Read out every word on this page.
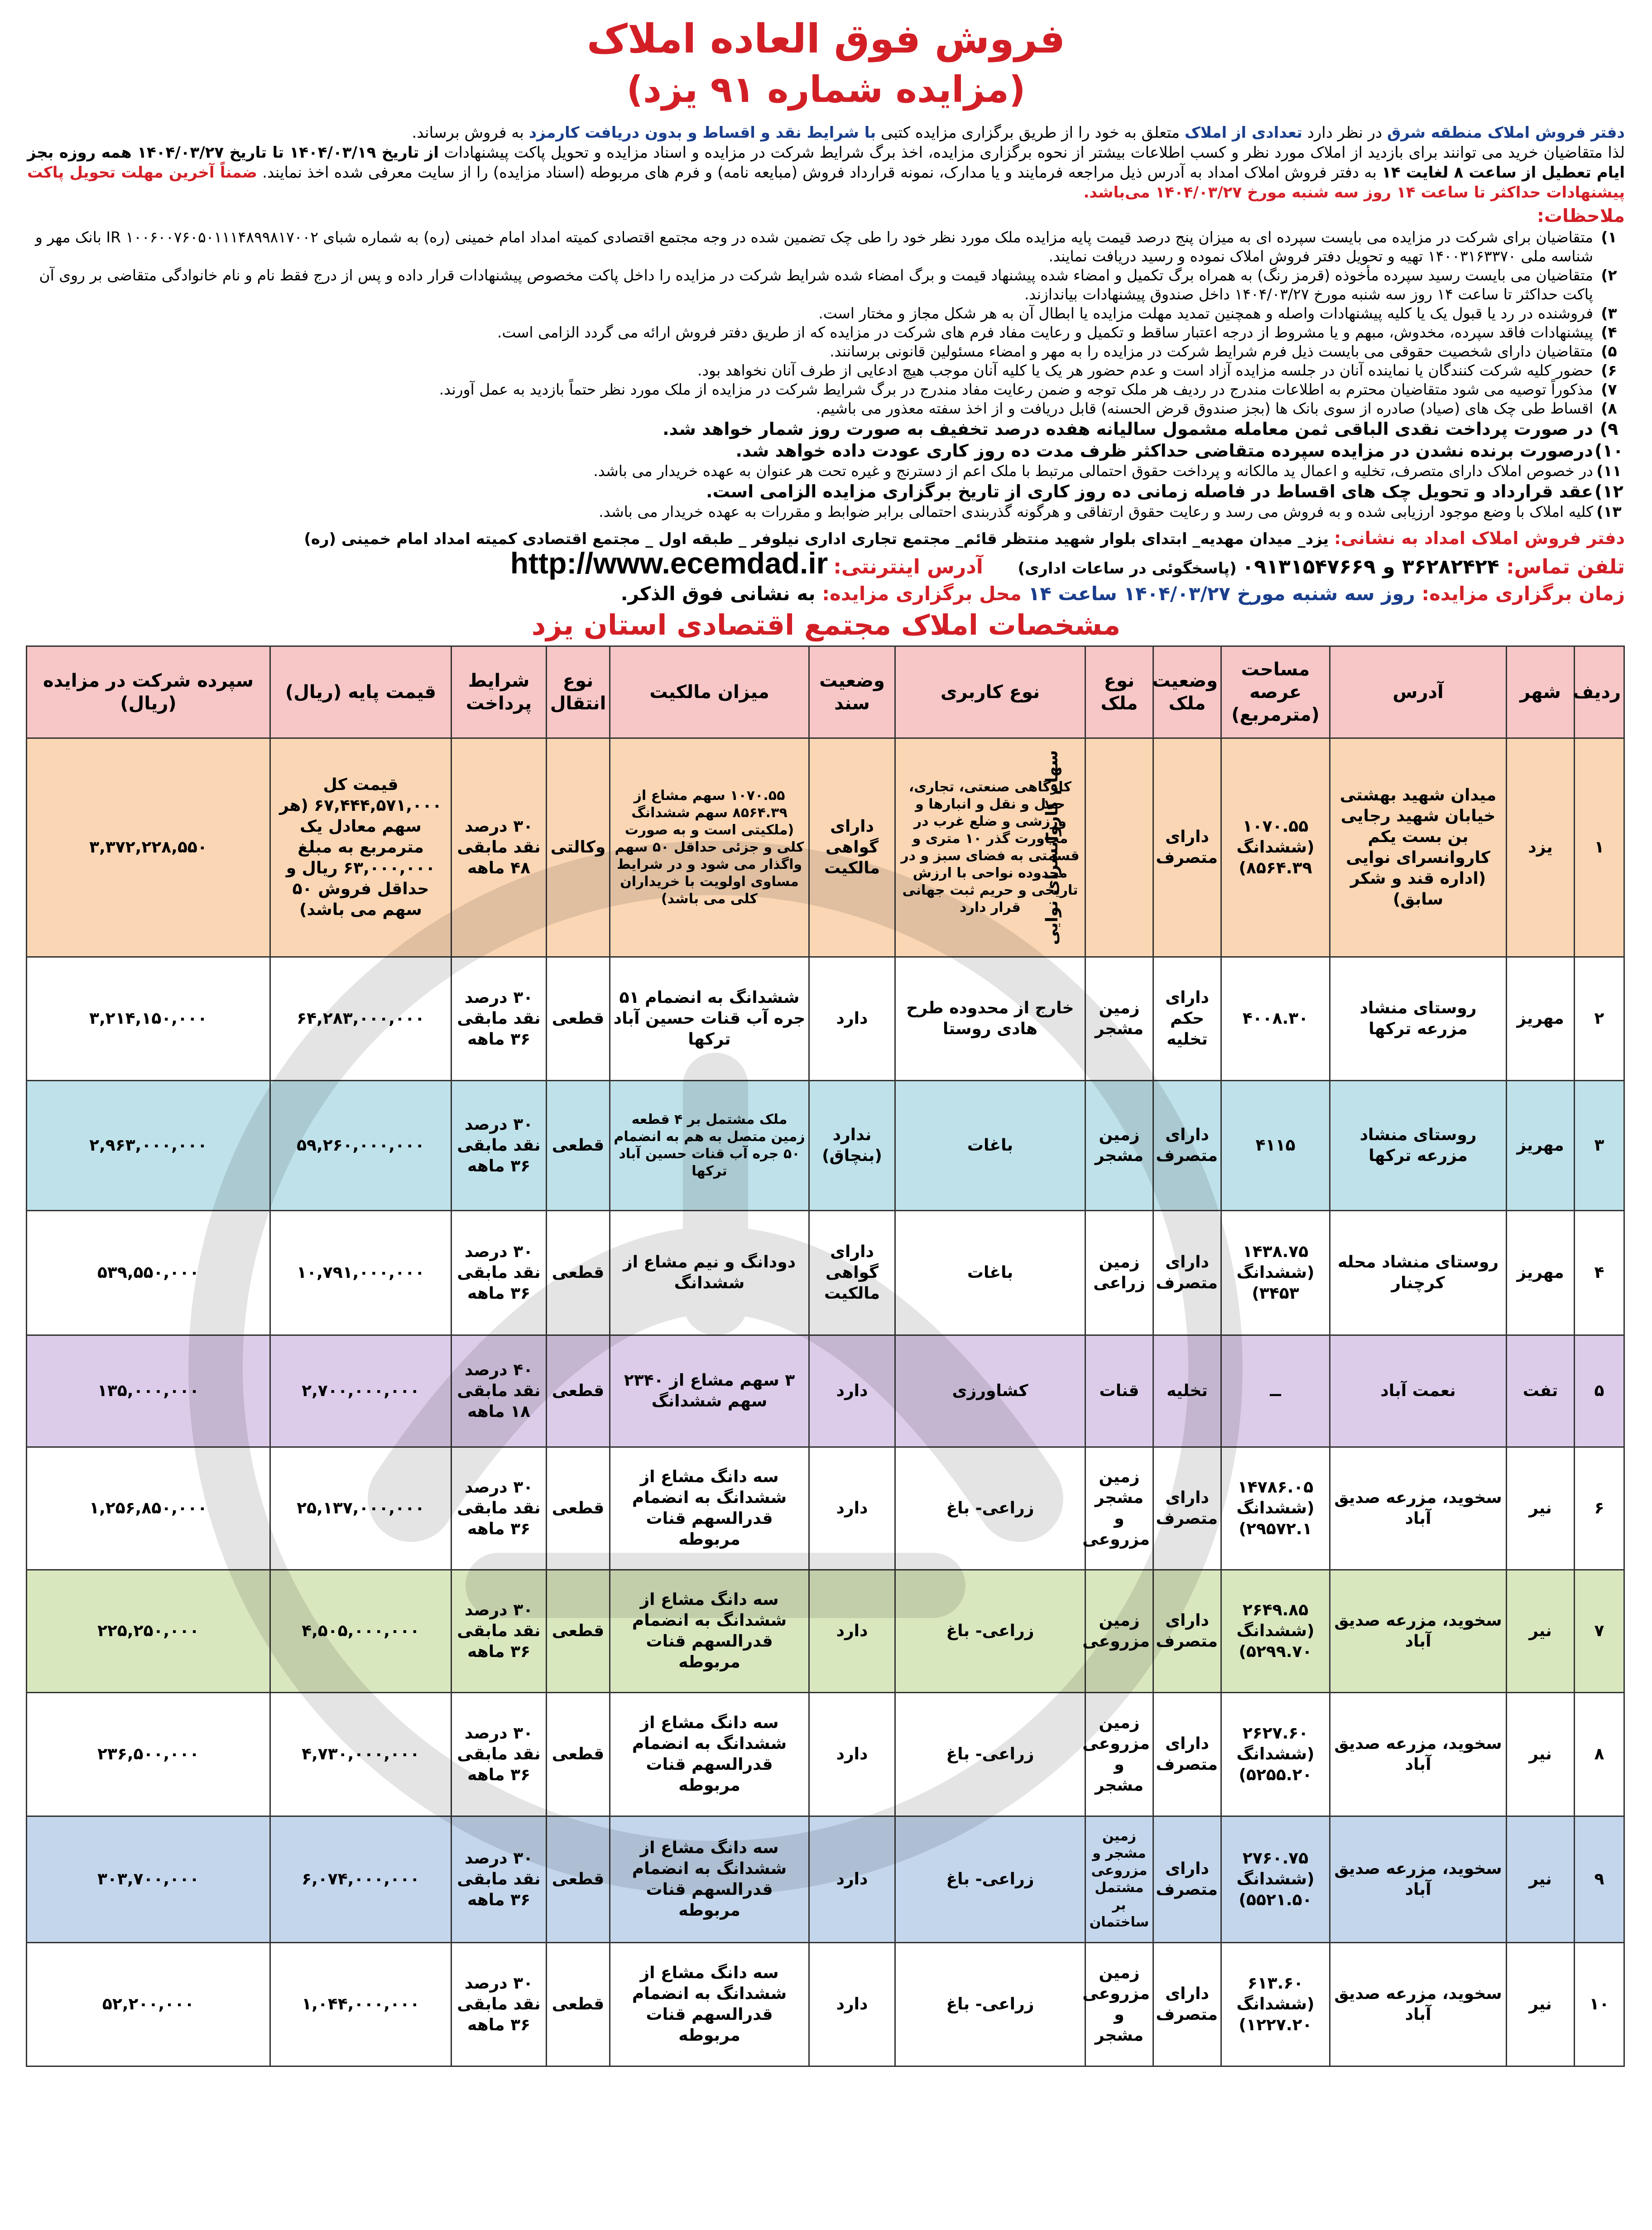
فروش فوق العاده املاک
(مزایده شماره ۹۱ یزد)
دفتر فروش املاک منطقه شرق در نظر دارد تعدادی از املاک متعلق به خود را از طریق برگزاری مزایده کتبی با شرایط نقد و اقساط و بدون دریافت کارمزد به فروش برساند.
لذا متقاضیان خرید می توانند برای بازدید از املاک مورد نظر و کسب اطلاعات بیشتر از نحوه برگزاری مزایده، اخذ برگ شرایط شرکت در مزایده و اسناد مزایده و تحویل پاکت پیشنهادات از تاریخ ۱۴۰۴/۰۳/۱۹ تا تاریخ ۱۴۰۴/۰۳/۲۷ همه روزه بجز ایام تعطیل از ساعت ۸ لغایت ۱۴ به دفتر فروش املاک امداد به آدرس ذیل مراجعه فرمایند و یا مدارک، نمونه قرارداد فروش (مبایعه نامه) و فرم های مربوطه (اسناد مزایده) را از سایت معرفی شده اخذ نمایند. ضمناً آخرین مهلت تحویل پاکت پیشنهادات حداکثر تا ساعت ۱۴ روز سه شنبه مورخ ۱۴۰۴/۰۳/۲۷ می‌باشد.
ملاحظات:
۱)
متقاضیان برای شرکت در مزایده می بایست سپرده ای به میزان پنج درصد قیمت پایه مزایده ملک مورد نظر خود را طی چک تضمین شده در وجه مجتمع اقتصادی کمیته امداد امام خمینی (ره) به شماره شبای IR ۱۰۰۶۰۰۷۶۰۵۰۱۱۱۴۸۹۹۸۱۷۰۰۲ بانک مهر و شناسه ملی ۱۴۰۰۳۱۶۳۳۷۰ تهیه و تحویل دفتر فروش املاک نموده و رسید دریافت نمایند.
۲)
متقاضیان می بایست رسید سپرده مأخوذه (قرمز رنگ) به همراه برگ تکمیل و امضاء شده پیشنهاد قیمت و برگ امضاء شده شرایط شرکت در مزایده را داخل پاکت مخصوص پیشنهادات قرار داده و پس از درج فقط نام و نام خانوادگی متقاضی بر روی آن پاکت حداکثر تا ساعت ۱۴ روز سه شنبه مورخ ۱۴۰۴/۰۳/۲۷ داخل صندوق پیشنهادات بیاندازند.
۳)
فروشنده در رد یا قبول یک یا کلیه پیشنهادات واصله و همچنین تمدید مهلت مزایده یا ابطال آن به هر شکل مجاز و مختار است.
۴)
پیشنهادات فاقد سپرده، مخدوش، مبهم و یا مشروط از درجه اعتبار ساقط و تکمیل و رعایت مفاد فرم های شرکت در مزایده که از طریق دفتر فروش ارائه می گردد الزامی است.
۵)
متقاضیان دارای شخصیت حقوقی می بایست ذیل فرم شرایط شرکت در مزایده را به مهر و امضاء مسئولین قانونی برسانند.
۶)
حضور کلیه شرکت کنندگان یا نماینده آنان در جلسه مزایده آزاد است و عدم حضور هر یک یا کلیه آنان موجب هیچ ادعایی از طرف آنان نخواهد بود.
۷)
مذکوراً توصیه می شود متقاضیان محترم به اطلاعات مندرج در ردیف هر ملک توجه و ضمن رعایت مفاد مندرج در برگ شرایط شرکت در مزایده از ملک مورد نظر حتماً بازدید به عمل آورند.
۸)
اقساط طی چک های (صیاد) صادره از سوی بانک ها (بجز صندوق قرض الحسنه) قابل دریافت و از اخذ سفته معذور می باشیم.
۹)
در صورت پرداخت نقدی الباقی ثمن معامله مشمول سالیانه هفده درصد تخفیف به صورت روز شمار خواهد شد.
۱۰)
درصورت برنده نشدن در مزایده سپرده متقاضی حداکثر ظرف مدت ده روز کاری عودت داده خواهد شد.
۱۱)
در خصوص املاک دارای متصرف، تخلیه و اعمال ید مالکانه و پرداخت حقوق احتمالی مرتبط با ملک اعم از دسترنج و غیره تحت هر عنوان به عهده خریدار می باشد.
۱۲)
عقد قرارداد و تحویل چک های اقساط در فاصله زمانی ده روز کاری از تاریخ برگزاری مزایده الزامی است.
۱۳)
کلیه املاک با وضع موجود ارزیابی شده و به فروش می رسد و رعایت حقوق ارتفاقی و هرگونه گذربندی احتمالی برابر ضوابط و مقررات به عهده خریدار می باشد.
دفتر فروش املاک امداد به نشانی: یزد_ میدان مهدیه_ ابتدای بلوار شهید منتظر قائم_ مجتمع تجاری اداری نیلوفر _ طبقه اول _ مجتمع اقتصادی کمیته امداد امام خمینی (ره)
تلفن تماس: ۳۶۲۸۲۴۲۴ و ۰۹۱۳۱۵۴۷۶۶۹ (پاسخگوئی در ساعات اداری)     آدرس اینترنتی:http://www.ecemdad.ir
زمان برگزاری مزایده: روز سه شنبه مورخ ۱۴۰۴/۰۳/۲۷ ساعت ۱۴ محل برگزاری مزایده: به نشانی فوق الذکر.
مشخصات املاک مجتمع اقتصادی استان یزد
ردیف	شهر	آدرس	مساحت عرصه (مترمربع)	وضعیت ملک	نوع ملک	نوع کاربری	وضعیت سند	میزان مالکیت	نوع انتقال	شرایط پرداخت	قیمت پایه (ریال)	سپرده شرکت در مزایده (ریال)
۱	یزد	میدان شهید بهشتی خیابان شهید رجایی بن بست یکم کاروانسرای نوایی (اداره قند و شکر سابق)	۱۰۷۰.۵۵ (ششدانگ ۸۵۶۴.۳۹)	دارای متصرف	سهام کاروانسرای نوایی	کارگاهی صنعتی، تجاری، حمل و نقل و انبارها و ورزشی و ضلع غرب در مجاورت گذر ۱۰ متری و قسمتی به فضای سبز و در محدوده نواحی با ارزش تاریخی و حریم ثبت جهانی قرار دارد	دارای گواهی مالکیت	۱۰۷۰.۵۵ سهم مشاع از ۸۵۶۴.۳۹ سهم ششدانگ (ملکیتی است و به صورت کلی و جزئی حداقل ۵۰ سهم واگذار می شود و در شرایط مساوی اولویت با خریداران کلی می باشد)	وکالتی	۳۰ درصد نقد مابقی ۴۸ ماهه	قیمت کل ۶۷,۴۴۴,۵۷۱,۰۰۰ (هر سهم معادل یک مترمربع به مبلغ ۶۳,۰۰۰,۰۰۰ ریال و حداقل فروش ۵۰ سهم می باشد)	۳,۳۷۲,۲۲۸,۵۵۰
۲	مهریز	روستای منشاد مزرعه ترکها	۴۰۰۸.۳۰	دارای حکم تخلیه	زمین مشجر	خارج از محدوده طرح هادی روستا	دارد	ششدانگ به انضمام ۵۱ جره آب قنات حسین آباد ترکها	قطعی	۳۰ درصد نقد مابقی ۳۶ ماهه	۶۴,۲۸۳,۰۰۰,۰۰۰	۳,۲۱۴,۱۵۰,۰۰۰
۳	مهریز	روستای منشاد مزرعه ترکها	۴۱۱۵	دارای متصرف	زمین مشجر	باغات	ندارد (بنچاق)	ملک مشتمل بر ۴ قطعه زمین متصل به هم به انضمام ۵۰ جره آب قنات حسین آباد ترکها	قطعی	۳۰ درصد نقد مابقی ۳۶ ماهه	۵۹,۲۶۰,۰۰۰,۰۰۰	۲,۹۶۳,۰۰۰,۰۰۰
۴	مهریز	روستای منشاد محله کرچنار	۱۴۳۸.۷۵ (ششدانگ ۳۴۵۳)	دارای متصرف	زمین زراعی	باغات	دارای گواهی مالکیت	دودانگ و نیم مشاع از ششدانگ	قطعی	۳۰ درصد نقد مابقی ۳۶ ماهه	۱۰,۷۹۱,۰۰۰,۰۰۰	۵۳۹,۵۵۰,۰۰۰
۵	تفت	نعمت آباد	ــ	تخلیه	قنات	کشاورزی	دارد	۳ سهم مشاع از ۲۳۴۰ سهم ششدانگ	قطعی	۴۰ درصد نقد مابقی ۱۸ ماهه	۲,۷۰۰,۰۰۰,۰۰۰	۱۳۵,۰۰۰,۰۰۰
۶	نیر	سخوید، مزرعه صدیق آباد	۱۴۷۸۶.۰۵ (ششدانگ ۲۹۵۷۲.۱)	دارای متصرف	زمین مشجر و مزروعی	زراعی- باغ	دارد	سه دانگ مشاع از ششدانگ به انضمام قدرالسهم قنات مربوطه	قطعی	۳۰ درصد نقد مابقی ۳۶ ماهه	۲۵,۱۳۷,۰۰۰,۰۰۰	۱,۲۵۶,۸۵۰,۰۰۰
۷	نیر	سخوید، مزرعه صدیق آباد	۲۶۴۹.۸۵ (ششدانگ ۵۲۹۹.۷۰)	دارای متصرف	زمین مزروعی	زراعی- باغ	دارد	سه دانگ مشاع از ششدانگ به انضمام قدرالسهم قنات مربوطه	قطعی	۳۰ درصد نقد مابقی ۳۶ ماهه	۴,۵۰۵,۰۰۰,۰۰۰	۲۲۵,۲۵۰,۰۰۰
۸	نیر	سخوید، مزرعه صدیق آباد	۲۶۲۷.۶۰ (ششدانگ ۵۲۵۵.۲۰)	دارای متصرف	زمین مزروعی و مشجر	زراعی- باغ	دارد	سه دانگ مشاع از ششدانگ به انضمام قدرالسهم قنات مربوطه	قطعی	۳۰ درصد نقد مابقی ۳۶ ماهه	۴,۷۳۰,۰۰۰,۰۰۰	۲۳۶,۵۰۰,۰۰۰
۹	نیر	سخوید، مزرعه صدیق آباد	۲۷۶۰.۷۵ (ششدانگ ۵۵۲۱.۵۰)	دارای متصرف	زمین مشجر و مزروعی مشتمل بر ساختمان	زراعی- باغ	دارد	سه دانگ مشاع از ششدانگ به انضمام قدرالسهم قنات مربوطه	قطعی	۳۰ درصد نقد مابقی ۳۶ ماهه	۶,۰۷۴,۰۰۰,۰۰۰	۳۰۳,۷۰۰,۰۰۰
۱۰	نیر	سخوید، مزرعه صدیق آباد	۶۱۳.۶۰ (ششدانگ ۱۲۲۷.۲۰)	دارای متصرف	زمین مزروعی و مشجر	زراعی- باغ	دارد	سه دانگ مشاع از ششدانگ به انضمام قدرالسهم قنات مربوطه	قطعی	۳۰ درصد نقد مابقی ۳۶ ماهه	۱,۰۴۴,۰۰۰,۰۰۰	۵۲,۲۰۰,۰۰۰
